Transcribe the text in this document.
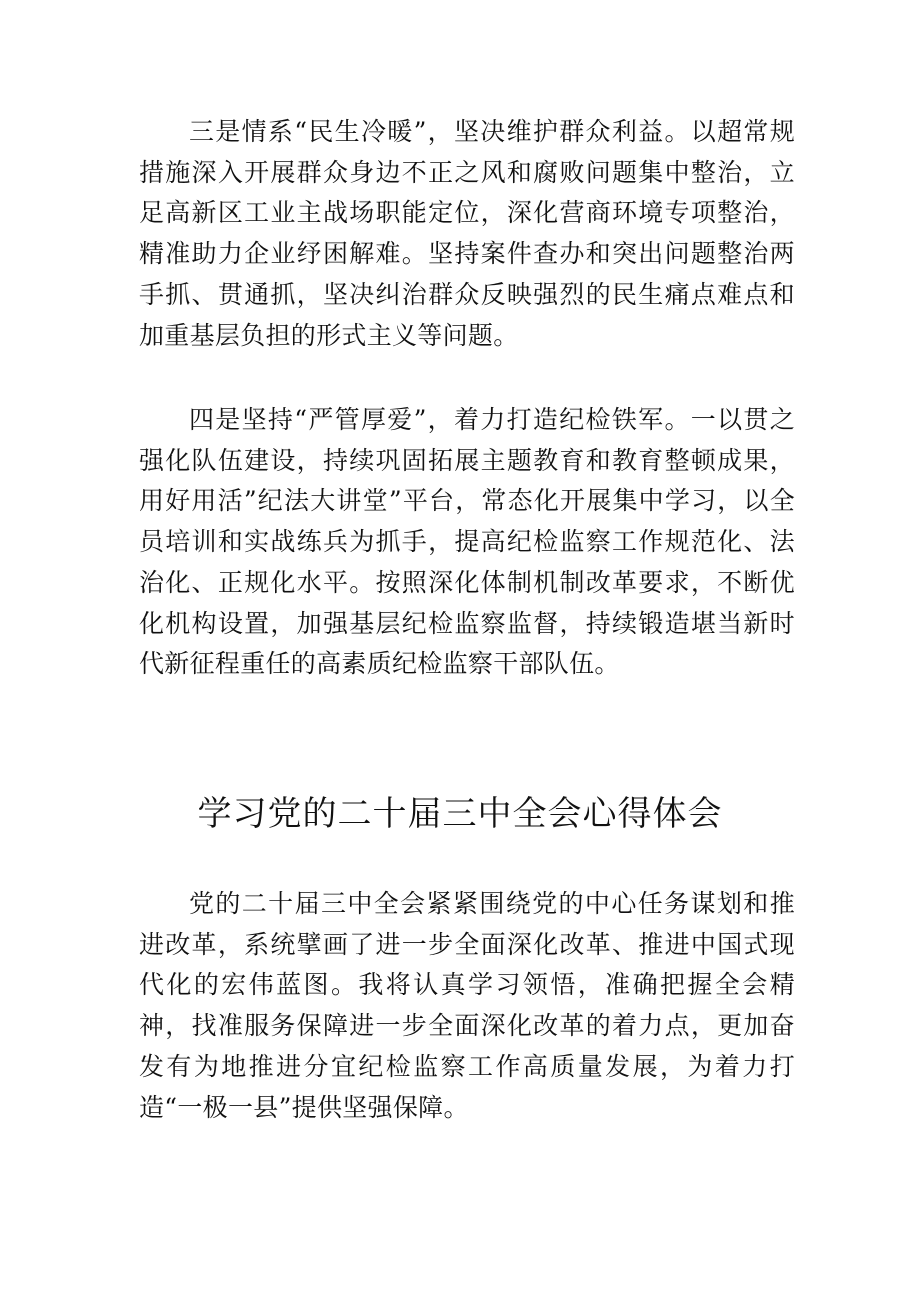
三是情系“民生冷暖”，坚决维护群众利益。以超常规措施深入开展群众身边不正之风和腐败问题集中整治，立足高新区工业主战场职能定位，深化营商环境专项整治，精准助力企业纾困解难。坚持案件查办和突出问题整治两手抓、贯通抓，坚决纠治群众反映强烈的民生痛点难点和加重基层负担的形式主义等问题。

四是坚持“严管厚爱”，着力打造纪检铁军。一以贯之强化队伍建设，持续巩固拓展主题教育和教育整顿成果，用好用活”纪法大讲堂”平台，常态化开展集中学习，以全员培训和实战练兵为抓手，提高纪检监察工作规范化、法治化、正规化水平。按照深化体制机制改革要求，不断优化机构设置，加强基层纪检监察监督，持续锻造堪当新时代新征程重任的高素质纪检监察干部队伍。

学习党的二十届三中全会心得体会

党的二十届三中全会紧紧围绕党的中心任务谋划和推进改革，系统擘画了进一步全面深化改革、推进中国式现代化的宏伟蓝图。我将认真学习领悟，准确把握全会精神，找准服务保障进一步全面深化改革的着力点，更加奋发有为地推进分宜纪检监察工作高质量发展，为着力打造“一极一县”提供坚强保障。
